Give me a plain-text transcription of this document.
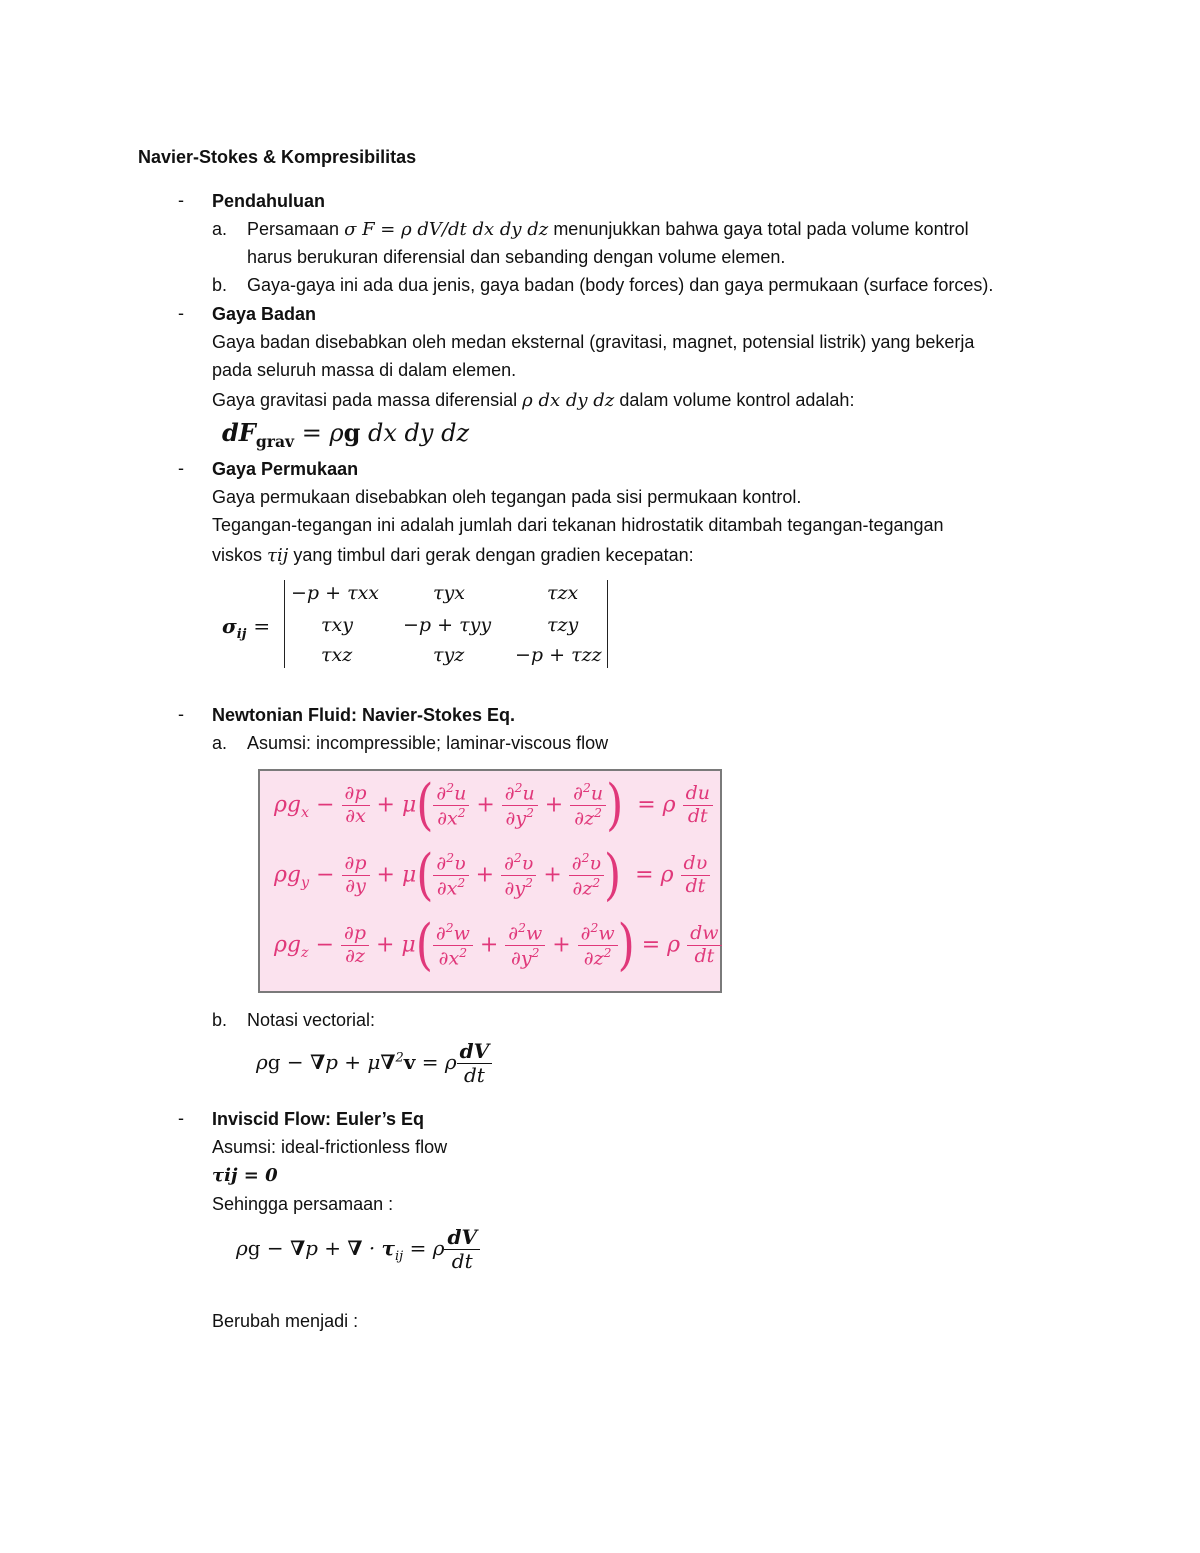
Navier-Stokes & Kompresibilitas
- Pendahuluan
a. Persamaan σ F = ρ dV/dt dx dy dz menunjukkan bahwa gaya total pada volume kontrol
harus berukuran diferensial dan sebanding dengan volume elemen.
b. Gaya-gaya ini ada dua jenis, gaya badan (body forces) dan gaya permukaan (surface forces).
- Gaya Badan
Gaya badan disebabkan oleh medan eksternal (gravitasi, magnet, potensial listrik) yang bekerja
pada seluruh massa di dalam elemen.
Gaya gravitasi pada massa diferensial ρ dx dy dz dalam volume kontrol adalah:
$dF_{grav} = \rho g$ dx dy dz
- Gaya Permukaan
Gaya permukaan disebabkan oleh tegangan pada sisi permukaan kontrol.
Tegangan-tegangan ini adalah jumlah dari tekanan hidrostatik ditambah tegangan-tegangan
viskos τij yang timbul dari gerak dengan gradien kecepatan:
$\sigma_{ij}$ =
−p + τxx	τyx	τzx
τxy	−p + τyy	τzy
τxz	τyz	−p + τzz
- Newtonian Fluid: Navier-Stokes Eq.
a. Asumsi: incompressible; laminar-viscous flow
$\rho g_x - \frac{\partial p}{\partial x} + \mu( \frac{\partial^2u}{\partial x^2} + \frac{\partial^2u}{\partial y^2} + \frac{\partial^2u}{\partial z^2}$ )  = ρ $\frac{du}{dt}$
$\rho g_y - \frac{\partial p}{\partial y} + \mu( \frac{\partial^2\upsilon}{\partial x^2} + \frac{\partial^2\upsilon}{\partial y^2} + \frac{\partial^2\upsilon}{\partial z^2}$ )  = ρ $\frac{d\upsilon}{dt}$
$\rho g_z - \frac{\partial p}{\partial z} + \mu( \frac{\partial^2w}{\partial x^2} + \frac{\partial^2w}{\partial y^2} + \frac{\partial^2w}{\partial z^2}$ ) = ρ $\frac{dw}{dt}$
b. Notasi vectorial:
ρg − ∇p + μ∇$^2$v = ρ $\frac{dV}{dt}$
- Inviscid Flow: Euler’s Eq
Asumsi: ideal-frictionless flow
τij = 0
Sehingga persamaan :
ρg − ∇p + ∇ · $\tau_{ij} = \rho \frac{dV}{dt}$
Berubah menjadi :
